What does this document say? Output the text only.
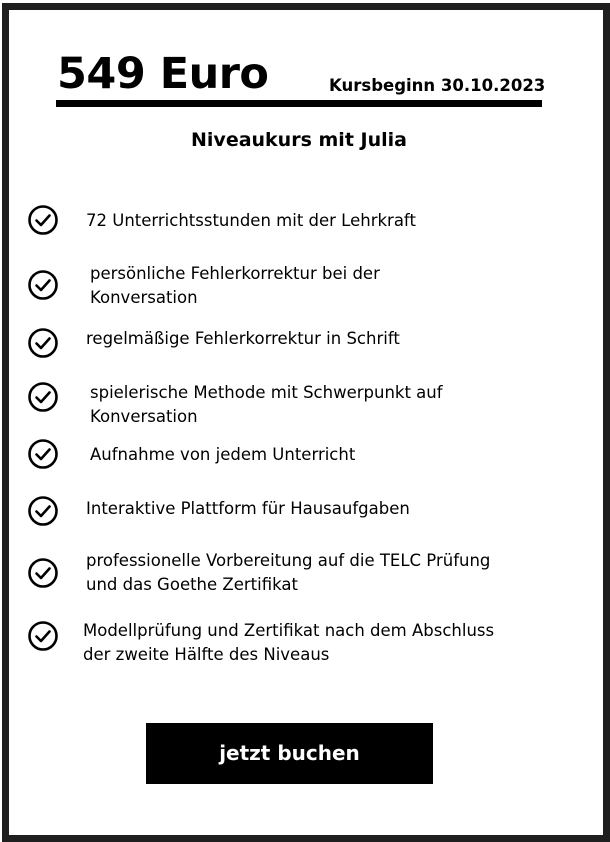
549 Euro	Kursbeginn 30.10.2023
Niveaukurs mit Julia
72 Unterrichtsstunden mit der Lehrkraft
persönliche Fehlerkorrektur bei der
Konversation
regelmäßige Fehlerkorrektur in Schrift
spielerische Methode mit Schwerpunkt auf
Konversation
Aufnahme von jedem Unterricht
Interaktive Plattform für Hausaufgaben
professionelle Vorbereitung auf die TELC Prüfung
und das Goethe Zertifikat
Modellprüfung und Zertifikat nach dem Abschluss
der zweite Hälfte des Niveaus
jetzt buchen
